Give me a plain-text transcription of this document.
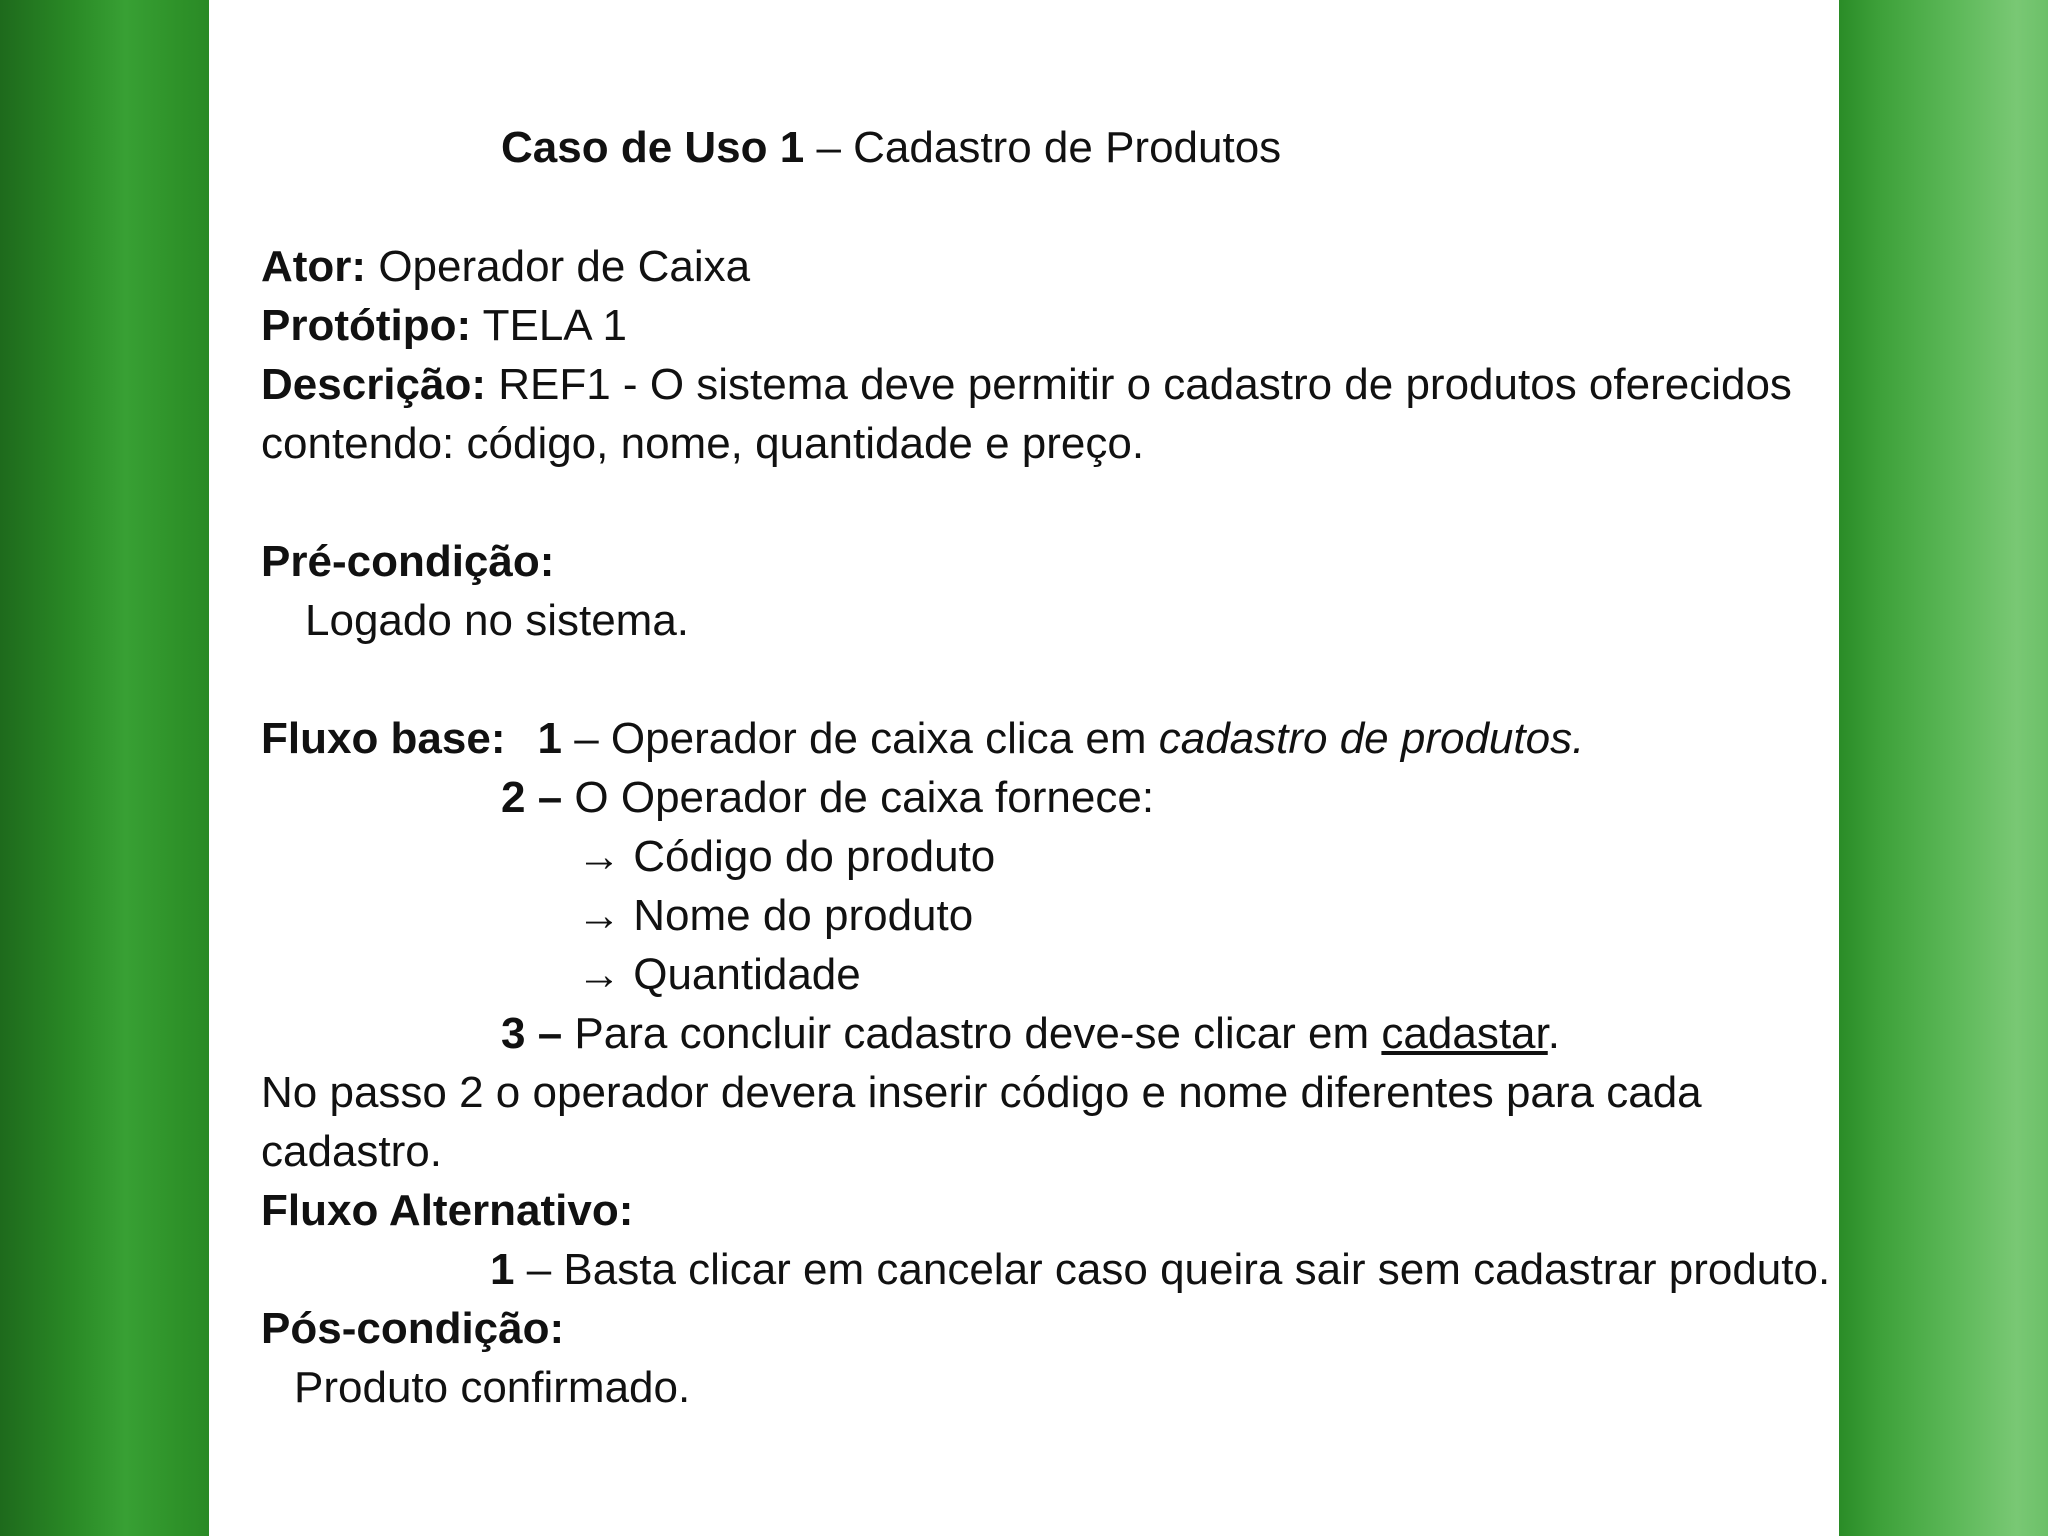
Caso de Uso 1 – Cadastro de Produtos
Ator: Operador de Caixa
Protótipo: TELA 1
Descrição: REF1 - O sistema deve permitir o cadastro de produtos oferecidos
contendo: código, nome, quantidade e preço.
Pré-condição:
Logado no sistema.
Fluxo base: 1 – Operador de caixa clica em cadastro de produtos.
2 – O Operador de caixa fornece:
→ Código do produto
→ Nome do produto
→ Quantidade
3 – Para concluir cadastro deve-se clicar em cadastar.
No passo 2 o operador devera inserir código e nome diferentes para cada
cadastro.
Fluxo Alternativo:
1 – Basta clicar em cancelar caso queira sair sem cadastrar produto.
Pós-condição:
Produto confirmado.
